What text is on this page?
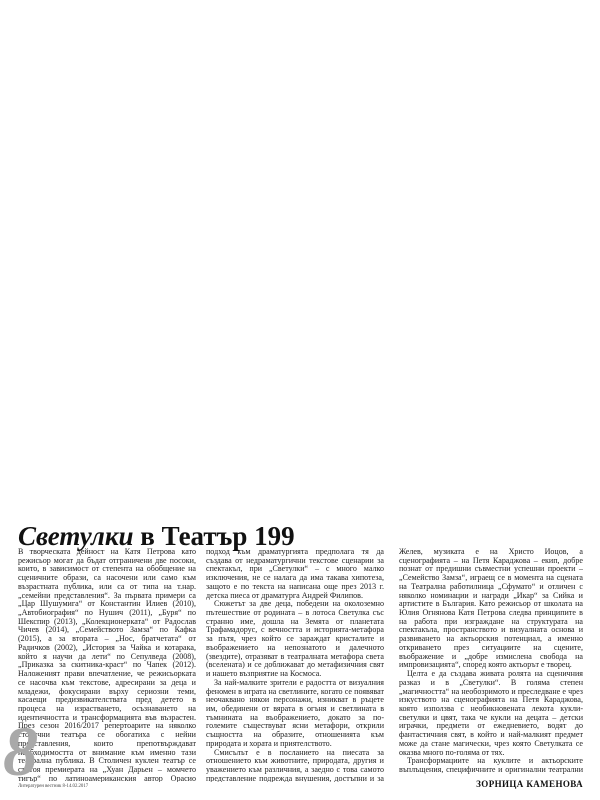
Светулки в Театър 199

В творческата дейност на Катя Петрова като режисьор могат да бъдат отграничени две посоки, които, в зависимост от степента на обобщение на сценичните образи, са насочени или само към възрастната публика, или са от типа на т.нар. „семейни представления“. За първата примери са „Цар Шушумига“ от Константин Илиев (2010), „Автобиография“ по Нушич (2011), „Буря“ по Шекспир (2013), „Колекционерката“ от Радослав Чичев (2014), „Семейството Замза“ по Кафка (2015), а за втората – „Нос, братчетата“ от Радичков (2002), „История за Чайка и котарака, който я научи да лети“ по Сепулведа (2008), „Приказка за скитника-краст“ по Чапек (2012). Наложеният прави впечатление, че режисьорката се насочва към текстове, адресирани за деца и младежи, фокусирани върху сериозни теми, касаещи предизвикателствата пред детето в процеса на израстването, осъзнаването на идентичността и трансформацията във възрастен. През сезон 2016/2017 репертоарите на няколко столични театъра се обогатиха с нейни представления, които препотвърждават необходимостта от внимание към именно тази театрална публика. В Столичен куклен театър се състоя премиерата на „Хуан Дарьен – момчето тигър“ по латиноамериканския автор Орасио

подход към драматургията предполага тя да създава от недраматургични текстове сценарии за спектакъл, при „Светулки“ – с много малко изключения, не се налага да има такава хипотеза, защото е по текста на написана още през 2013 г. детска пиеса от драматурга Андрей Филипов.

Сюжетът за две деца, победени на околоземно пътешествие от родината – в лотоса Светулка със странно име, дошла на Земята от планетата Трафамадорус, с вечността и историята-метафора за пътя, чрез който се зараждат кристалите и въображението на непознатото и далечното (звездите), отразяват в театралната метафора света (вселената) и се доближават до метафизичния свят и нашето възприятие на Космоса.

За най-малките зрители е радостта от визуалния феномен в играта на светлините, когато се появяват неочаквано някои персонажи, изникват в ръцете им, обединени от вярата в огъня и светлината в тъмнината на въображението, докато за по-големите съществуват ясни метафори, открили същността на образите, отношенията към природата и хората и приятелството.

Смисълът е в посланието на пиесата за отношението към животните, природата, другия и уважението към различния, а заедно с това самото представление подрежда внушения, достъпни и за

Желев, музиката е на Христо Йоцов, а сценографията – на Петя Караджова – екип, добре познат от предишни съвместни успешни проекти – „Семейство Замза“, играещ се в момента на сцената на Театрална работилница „Сфумато“ и отличен с няколко номинации и награди „Икар“ за Сийка и артистите в България. Като режисьор от школата на Юлия Огнянова Катя Петрова следва принципите в на работа при изграждане на структурата на спектакъла, пространството и визуалната основа и развиването на актьорския потенциал, а именно откриването през ситуациите на сцените, въображение и „добре измислена свобода на импровизацията“, според която актьорът е творец.

Целта е да създава живата ролята на сценичния разказ и в „Светулки“. В голяма степен „магичността“ на необозримото и преследване е чрез изкуството на сценографията на Петя Караджова, която използва с необикновената лекота кукли-светулки и цвят, така че кукли на децата – детски играчки, предмети от ежедневието, водят до фантастичния свят, в който и най-малкият предмет може да стане магически, чрез която Светулката се оказва много по-голяма от тях.

Трансформациите на куклите и актьорските въплъщения, специфичните и оригинални театрални

8
Литературен вестник 8-14.02.2017	ЗОРНИЦА КАМЕНОВА
